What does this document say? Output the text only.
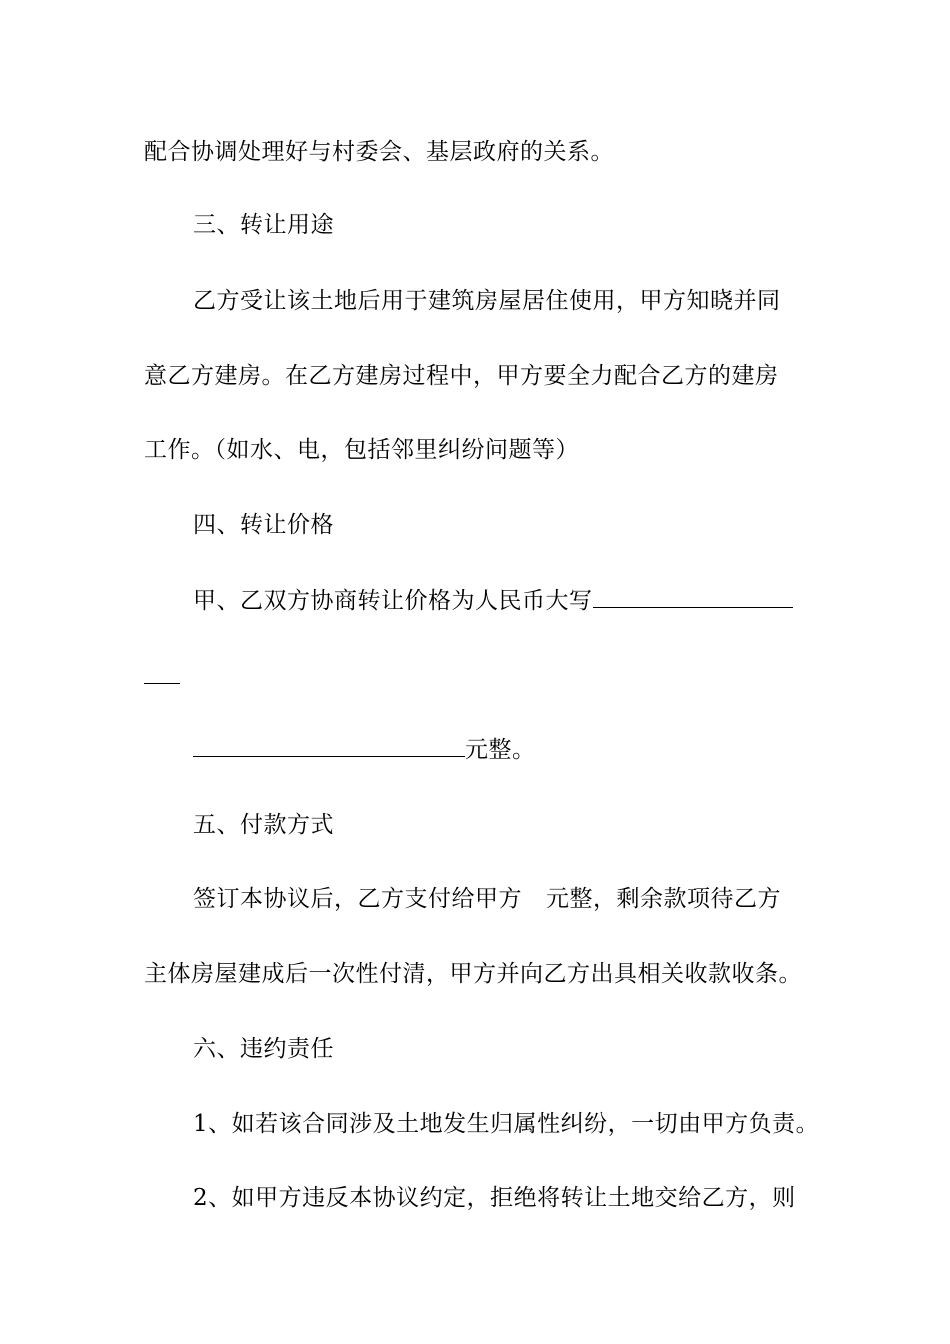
配合协调处理好与村委会、基层政府的关系。
三、转让用途
乙方受让该土地后用于建筑房屋居住使用，甲方知晓并同
意乙方建房。在乙方建房过程中，甲方要全力配合乙方的建房
工作。（如水、电，包括邻里纠纷问题等）
四、转让价格
甲、乙双方协商转让价格为人民币大写
元整。
五、付款方式
签订本协议后，乙方支付给甲方 元整，剩余款项待乙方
主体房屋建成后一次性付清，甲方并向乙方出具相关收款收条。
六、违约责任
1、如若该合同涉及土地发生归属性纠纷，一切由甲方负责。
2、如甲方违反本协议约定，拒绝将转让土地交给乙方，则
